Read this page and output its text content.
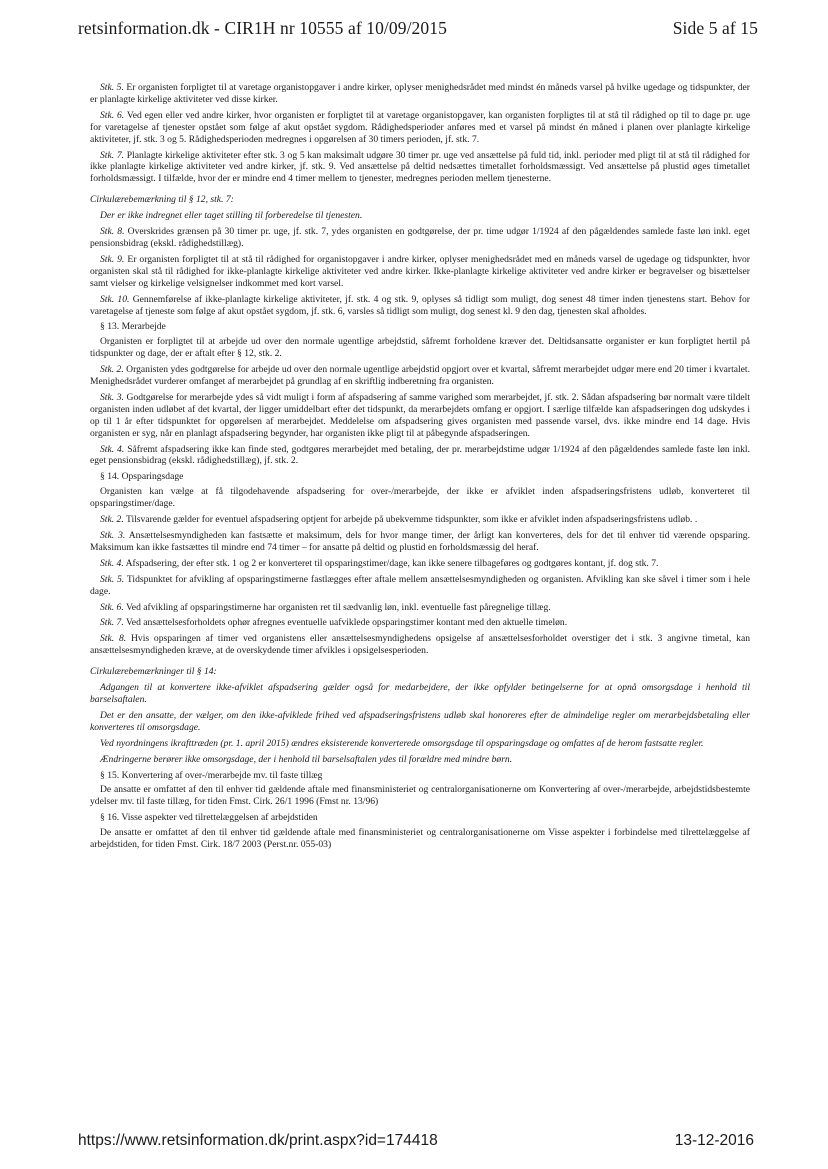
retsinformation.dk - CIR1H nr 10555 af 10/09/2015	Side 5 af 15

Stk. 5. Er organisten forpligtet til at varetage organistopgaver i andre kirker, oplyser menighedsrådet med mindst én måneds varsel på hvilke ugedage og tidspunkter, der er planlagte kirkelige aktiviteter ved disse kirker.

Stk. 6. Ved egen eller ved andre kirker, hvor organisten er forpligtet til at varetage organistopgaver, kan organisten forpligtes til at stå til rådighed op til to dage pr. uge for varetagelse af tjenester opstået som følge af akut opstået sygdom. Rådighedsperioder anføres med et varsel på mindst én måned i planen over planlagte kirkelige aktiviteter, jf. stk. 3 og 5. Rådighedsperioden medregnes i opgørelsen af 30 timers perioden, jf. stk. 7.

Stk. 7. Planlagte kirkelige aktiviteter efter stk. 3 og 5 kan maksimalt udgøre 30 timer pr. uge ved ansættelse på fuld tid, inkl. perioder med pligt til at stå til rådighed for ikke planlagte kirkelige aktiviteter ved andre kirker, jf. stk. 9. Ved ansættelse på deltid nedsættes timetallet forholdsmæssigt. Ved ansættelse på plustid øges timetallet forholdsmæssigt. I tilfælde, hvor der er mindre end 4 timer mellem to tjenester, medregnes perioden mellem tjenesterne.

Cirkulærebemærkning til § 12, stk. 7:

Der er ikke indregnet eller taget stilling til forberedelse til tjenesten.

Stk. 8. Overskrides grænsen på 30 timer pr. uge, jf. stk. 7, ydes organisten en godtgørelse, der pr. time udgør 1/1924 af den pågældendes samlede faste løn inkl. eget pensionsbidrag (ekskl. rådighedstillæg).

Stk. 9. Er organisten forpligtet til at stå til rådighed for organistopgaver i andre kirker, oplyser menighedsrådet med en måneds varsel de ugedage og tidspunkter, hvor organisten skal stå til rådighed for ikke-planlagte kirkelige aktiviteter ved andre kirker. Ikke-planlagte kirkelige aktiviteter ved andre kirker er begravelser og bisættelser samt vielser og kirkelige velsignelser indkommet med kort varsel.

Stk. 10. Gennemførelse af ikke-planlagte kirkelige aktiviteter, jf. stk. 4 og stk. 9, oplyses så tidligt som muligt, dog senest 48 timer inden tjenestens start. Behov for varetagelse af tjeneste som følge af akut opstået sygdom, jf. stk. 6, varsles så tidligt som muligt, dog senest kl. 9 den dag, tjenesten skal afholdes.

§ 13. Merarbejde

Organisten er forpligtet til at arbejde ud over den normale ugentlige arbejdstid, såfremt forholdene kræver det. Deltidsansatte organister er kun forpligtet hertil på tidspunkter og dage, der er aftalt efter § 12, stk. 2.

Stk. 2. Organisten ydes godtgørelse for arbejde ud over den normale ugentlige arbejdstid opgjort over et kvartal, såfremt merarbejdet udgør mere end 20 timer i kvartalet. Menighedsrådet vurderer omfanget af merarbejdet på grundlag af en skriftlig indberetning fra organisten.

Stk. 3. Godtgørelse for merarbejde ydes så vidt muligt i form af afspadsering af samme varighed som merarbejdet, jf. stk. 2. Sådan afspadsering bør normalt være tildelt organisten inden udløbet af det kvartal, der ligger umiddelbart efter det tidspunkt, da merarbejdets omfang er opgjort. I særlige tilfælde kan afspadseringen dog udskydes i op til 1 år efter tidspunktet for opgørelsen af merarbejdet. Meddelelse om afspadsering gives organisten med passende varsel, dvs. ikke mindre end 14 dage. Hvis organisten er syg, når en planlagt afspadsering begynder, har organisten ikke pligt til at påbegynde afspadseringen.

Stk. 4. Såfremt afspadsering ikke kan finde sted, godtgøres merarbejdet med betaling, der pr. merarbejdstime udgør 1/1924 af den pågældendes samlede faste løn inkl. eget pensionsbidrag (ekskl. rådighedstillæg), jf. stk. 2.

§ 14. Opsparingsdage

Organisten kan vælge at få tilgodehavende afspadsering for over-/merarbejde, der ikke er afviklet inden afspadseringsfristens udløb, konverteret til opsparingstimer/dage.

Stk. 2. Tilsvarende gælder for eventuel afspadsering optjent for arbejde på ubekvemme tidspunkter, som ikke er afviklet inden afspadseringsfristens udløb. .

Stk. 3. Ansættelsesmyndigheden kan fastsætte et maksimum, dels for hvor mange timer, der årligt kan konverteres, dels for det til enhver tid værende opsparing. Maksimum kan ikke fastsættes til mindre end 74 timer – for ansatte på deltid og plustid en forholdsmæssig del heraf.

Stk. 4. Afspadsering, der efter stk. 1 og 2 er konverteret til opsparingstimer/dage, kan ikke senere tilbageføres og godtgøres kontant, jf. dog stk. 7.

Stk. 5. Tidspunktet for afvikling af opsparingstimerne fastlægges efter aftale mellem ansættelsesmyndigheden og organisten. Afvikling kan ske såvel i timer som i hele dage.

Stk. 6. Ved afvikling af opsparingstimerne har organisten ret til sædvanlig løn, inkl. eventuelle fast påregnelige tillæg.

Stk. 7. Ved ansættelsesforholdets ophør afregnes eventuelle uafviklede opsparingstimer kontant med den aktuelle timeløn.

Stk. 8. Hvis opsparingen af timer ved organistens eller ansættelsesmyndighedens opsigelse af ansættelsesforholdet overstiger det i stk. 3 angivne timetal, kan ansættelsesmyndigheden kræve, at de overskydende timer afvikles i opsigelsesperioden.

Cirkulærebemærkninger til § 14:

Adgangen til at konvertere ikke-afviklet afspadsering gælder også for medarbejdere, der ikke opfylder betingelserne for at opnå omsorgsdage i henhold til barselsaftalen.

Det er den ansatte, der vælger, om den ikke-afviklede frihed ved afspadseringsfristens udløb skal honoreres efter de almindelige regler om merarbejdsbetaling eller konverteres til omsorgsdage.

Ved nyordningens ikrafttræden (pr. 1. april 2015) ændres eksisterende konverterede omsorgsdage til opsparingsdage og omfattes af de herom fastsatte regler.

Ændringerne berører ikke omsorgsdage, der i henhold til barselsaftalen ydes til forældre med mindre børn.

§ 15. Konvertering af over-/merarbejde mv. til faste tillæg

De ansatte er omfattet af den til enhver tid gældende aftale med finansministeriet og centralorganisationerne om Konvertering af over-/merarbejde, arbejdstidsbestemte ydelser mv. til faste tillæg, for tiden Fmst. Cirk. 26/1 1996 (Fmst nr. 13/96)

§ 16. Visse aspekter ved tilrettelæggelsen af arbejdstiden

De ansatte er omfattet af den til enhver tid gældende aftale med finansministeriet og centralorganisationerne om Visse aspekter i forbindelse med tilrettelæggelse af arbejdstiden, for tiden Fmst. Cirk. 18/7 2003 (Perst.nr. 055-03)

https://www.retsinformation.dk/print.aspx?id=174418	13-12-2016
